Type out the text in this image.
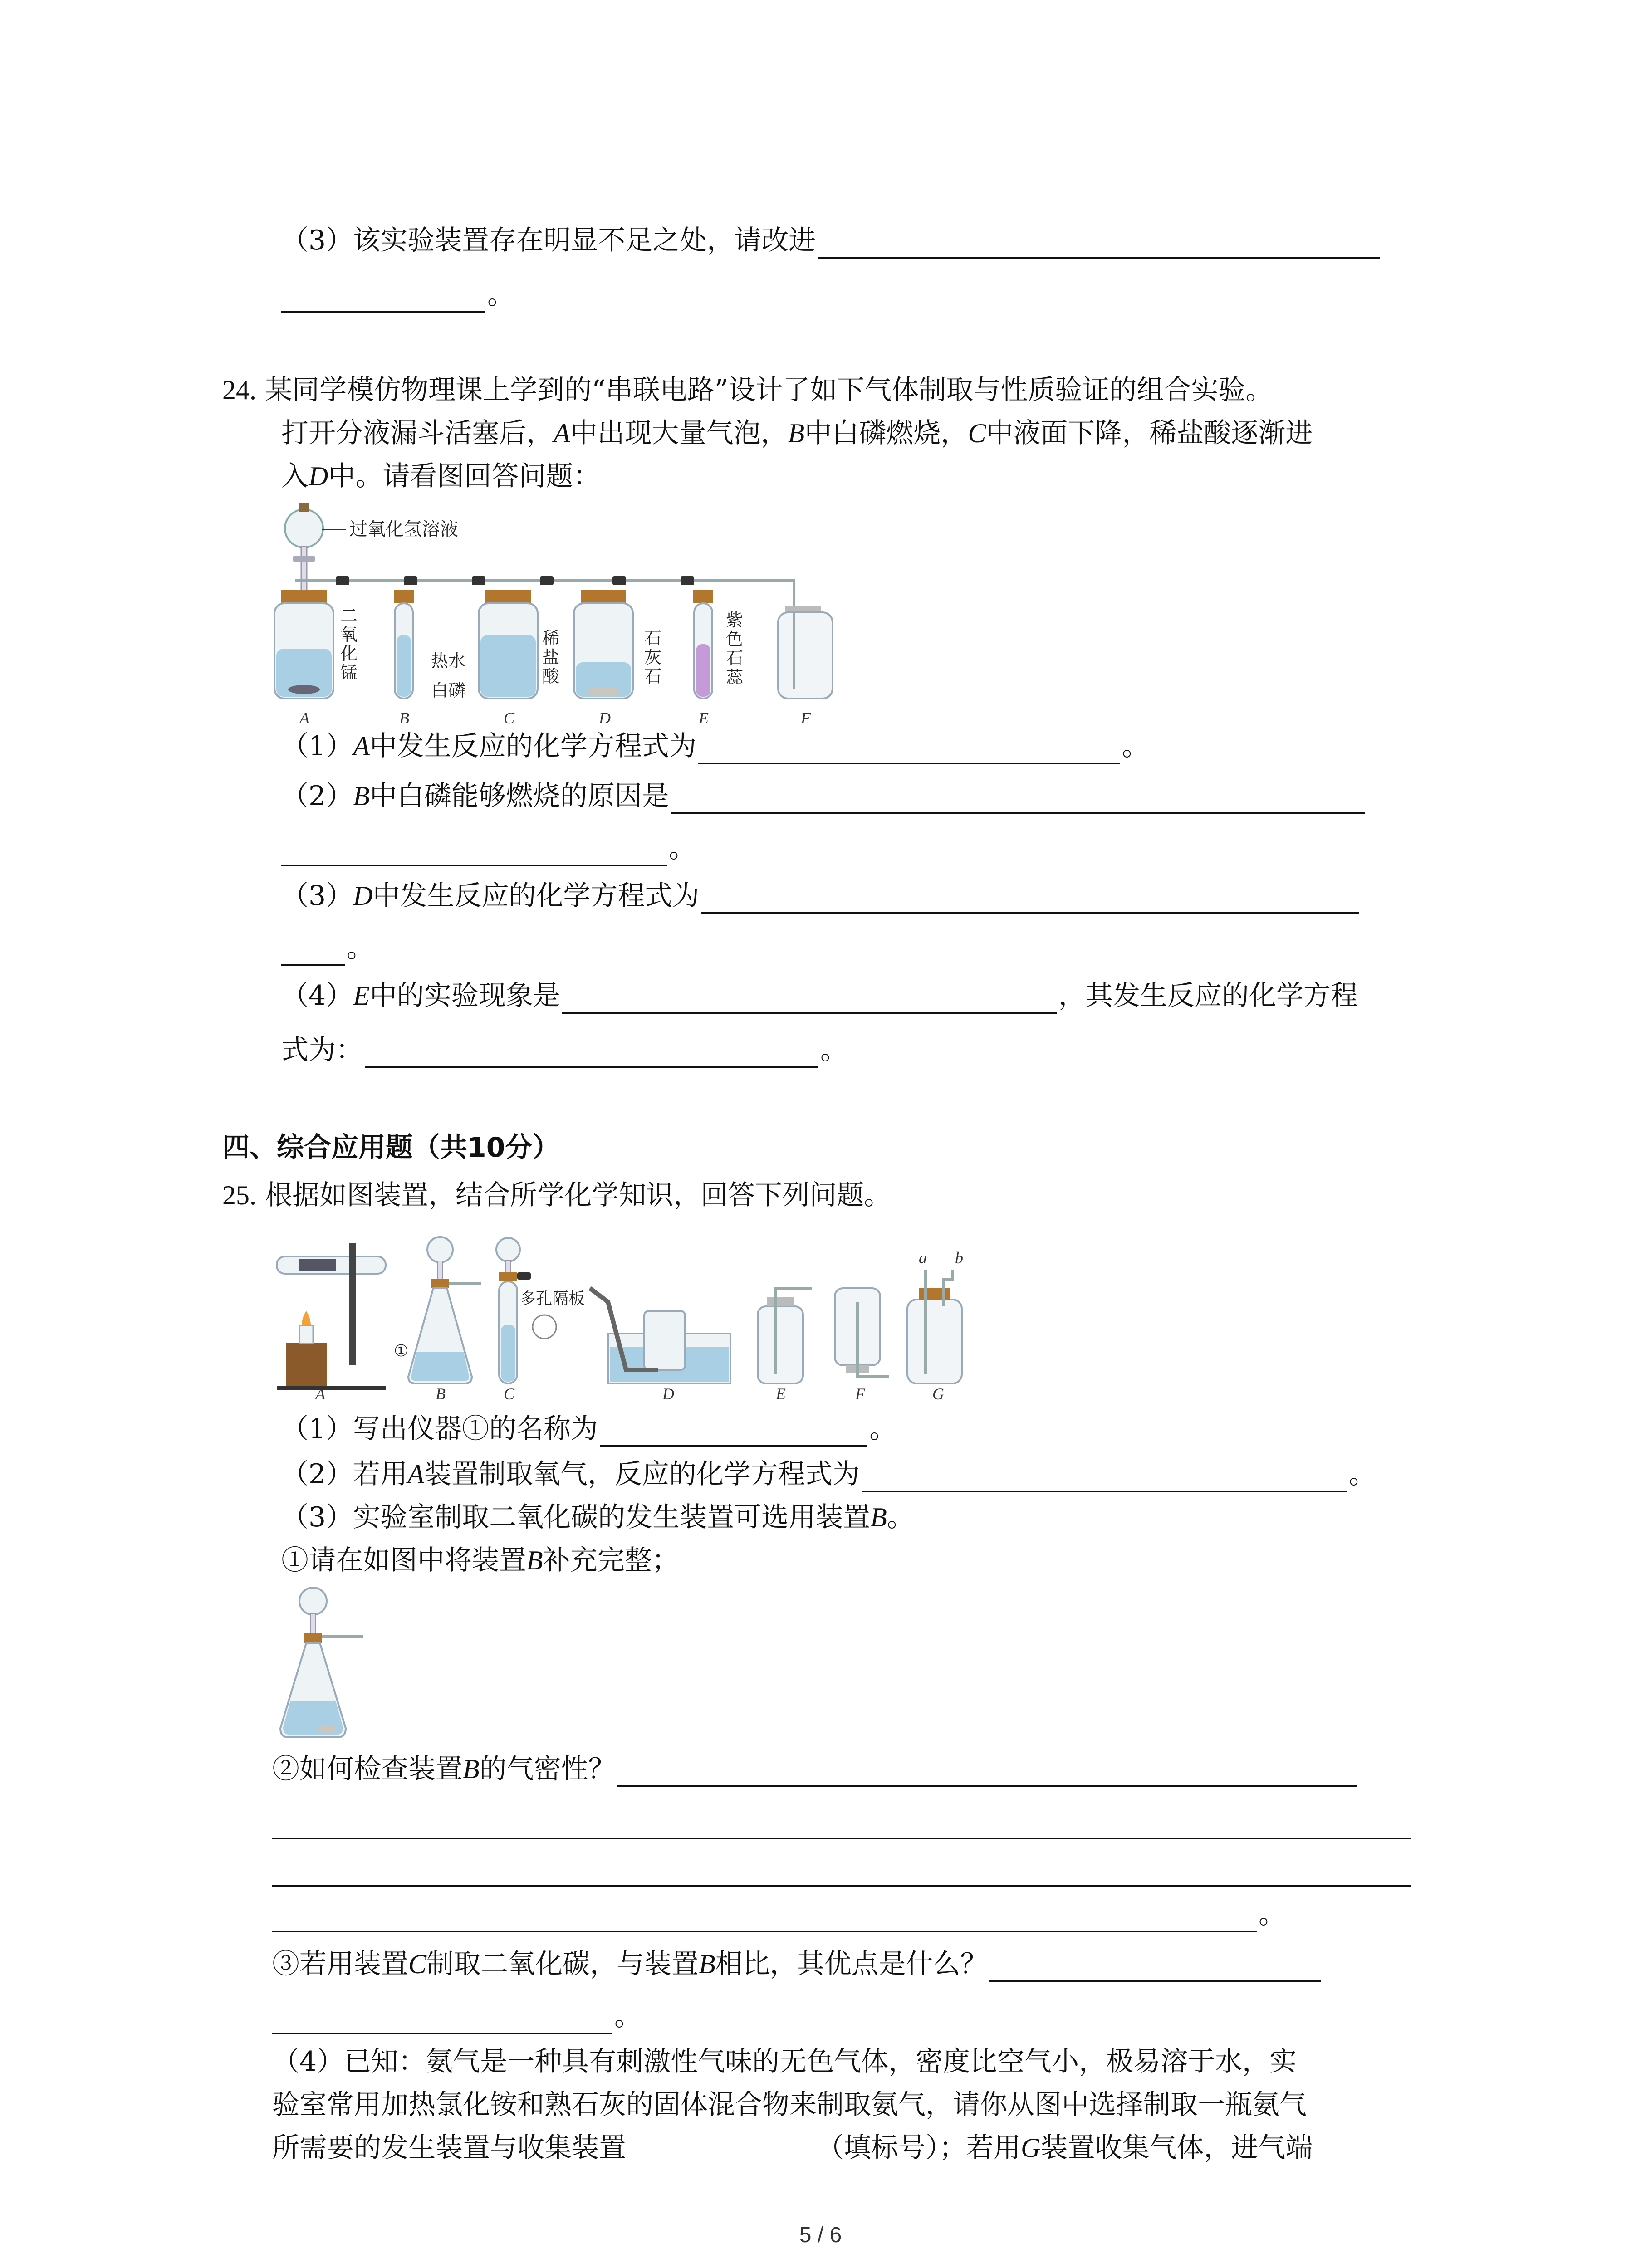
（3）该实验装置存在明显不足之处，请改进
。
24. 某同学模仿物理课上学到的“串联电路”设计了如下气体制取与性质验证的组合实验。
打开分液漏斗活塞后，A中出现大量气泡，B中白磷燃烧，C中液面下降，稀盐酸逐渐进
入D中。请看图回答问题：
过氧化氢溶液
二氧化锰
热水
白磷
稀盐酸
石灰石
紫色石蕊
A	B	C	D	E	F
（1）A中发生反应的化学方程式为	。
（2）B中白磷能够燃烧的原因是
。
（3）D中发生反应的化学方程式为
。
（4）E中的实验现象是	，其发生反应的化学方程
式为：	。
四、综合应用题（共10分）
25. 根据如图装置，结合所学化学知识，回答下列问题。
①
多孔隔板
a b
A	B	C	D	E	F	G
（1）写出仪器①的名称为	。
（2）若用A装置制取氧气，反应的化学方程式为	。
（3）实验室制取二氧化碳的发生装置可选用装置B。
①请在如图中将装置B补充完整；
②如何检查装置B的气密性？
。
③若用装置C制取二氧化碳，与装置B相比，其优点是什么？
。
（4）已知：氨气是一种具有刺激性气味的无色气体，密度比空气小，极易溶于水，实
验室常用加热氯化铵和熟石灰的固体混合物来制取氨气，请你从图中选择制取一瓶氨气
所需要的发生装置与收集装置	（填标号）；若用G装置收集气体，进气端
5 / 6
